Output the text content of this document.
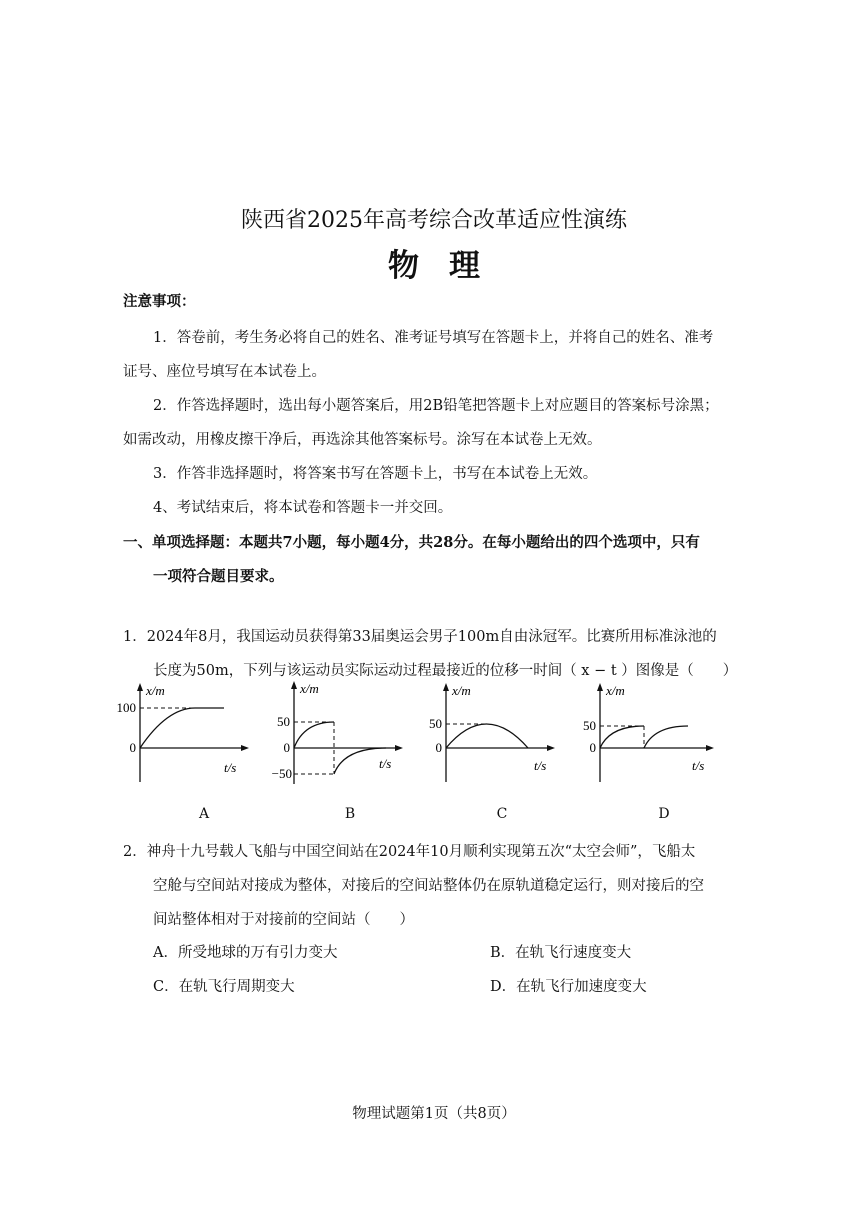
陕西省2025年高考综合改革适应性演练
物理
注意事项：
1．答卷前，考生务必将自己的姓名、准考证号填写在答题卡上，并将自己的姓名、准考
证号、座位号填写在本试卷上。
2．作答选择题时，选出每小题答案后，用2B铅笔把答题卡上对应题目的答案标号涂黑；
如需改动，用橡皮擦干净后，再选涂其他答案标号。涂写在本试卷上无效。
3．作答非选择题时，将答案书写在答题卡上，书写在本试卷上无效。
4、考试结束后，将本试卷和答题卡一并交回。
一、单项选择题：本题共7小题，每小题4分，共28分。在每小题给出的四个选项中，只有
一项符合题目要求。
1．2024年8月，我国运动员获得第33届奥运会男子100m自由泳冠军。比赛所用标准泳池的
长度为50m，下列与该运动员实际运动过程最接近的位移一时间（ x − t ）图像是（　　）
x/m
t/s
100
0
A
x/m
t/s
50
0
−50
B
x/m
t/s
50
0
C
x/m
t/s
50
0
D
2．神舟十九号载人飞船与中国空间站在2024年10月顺利实现第五次“太空会师”，飞船太
空舱与空间站对接成为整体，对接后的空间站整体仍在原轨道稳定运行，则对接后的空
间站整体相对于对接前的空间站（　　）
A．所受地球的万有引力变大	B．在轨飞行速度变大
C．在轨飞行周期变大	D．在轨飞行加速度变大
物理试题第1页（共8页）
